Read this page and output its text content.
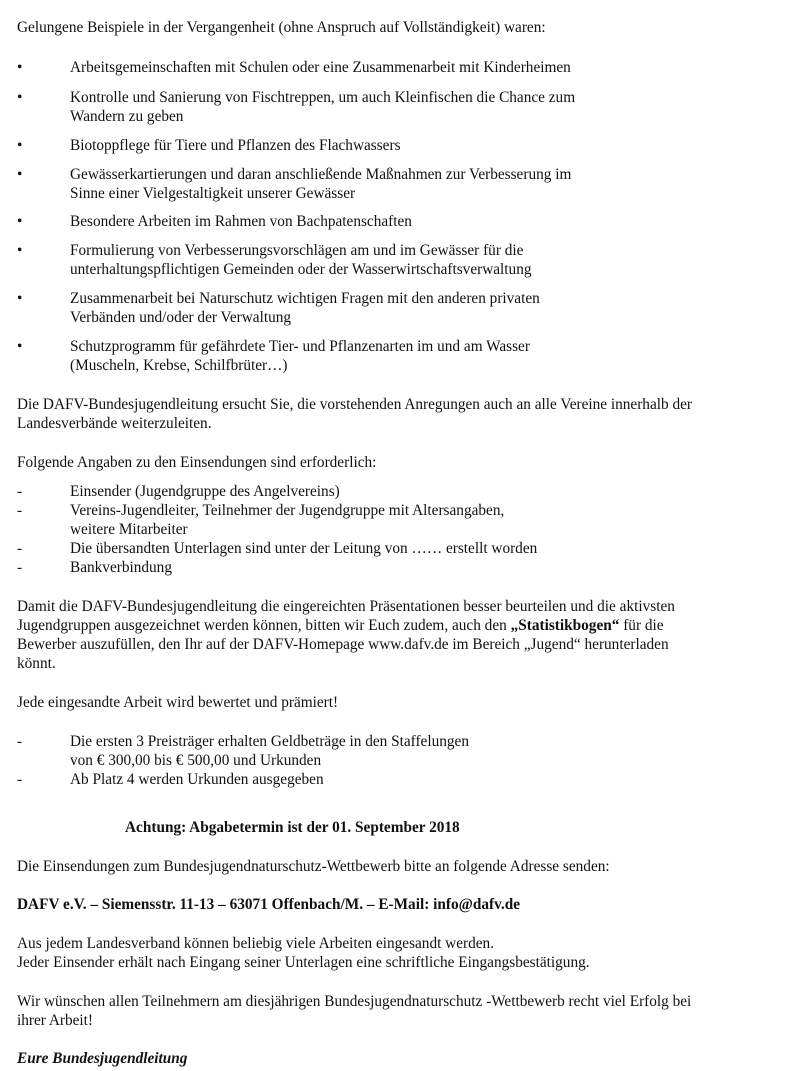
Gelungene Beispiele in der Vergangenheit (ohne Anspruch auf Vollständigkeit) waren:
•	Arbeitsgemeinschaften mit Schulen oder eine Zusammenarbeit mit Kinderheimen
•	Kontrolle und Sanierung von Fischtreppen, um auch Kleinfischen die Chance zum
Wandern zu geben
•	Biotoppflege für Tiere und Pflanzen des Flachwassers
•	Gewässerkartierungen und daran anschließende Maßnahmen zur Verbesserung im
Sinne einer Vielgestaltigkeit unserer Gewässer
•	Besondere Arbeiten im Rahmen von Bachpatenschaften
•	Formulierung von Verbesserungsvorschlägen am und im Gewässer für die
unterhaltungspflichtigen Gemeinden oder der Wasserwirtschaftsverwaltung
•	Zusammenarbeit bei Naturschutz wichtigen Fragen mit den anderen privaten
Verbänden und/oder der Verwaltung
•	Schutzprogramm für gefährdete Tier- und Pflanzenarten im und am Wasser
(Muscheln, Krebse, Schilfbrüter…)
Die DAFV-Bundesjugendleitung ersucht Sie, die vorstehenden Anregungen auch an alle Vereine innerhalb der
Landesverbände weiterzuleiten.
Folgende Angaben zu den Einsendungen sind erforderlich:
-	Einsender (Jugendgruppe des Angelvereins)
-	Vereins-Jugendleiter, Teilnehmer der Jugendgruppe mit Altersangaben,
weitere Mitarbeiter
-	Die übersandten Unterlagen sind unter der Leitung von …… erstellt worden
-	Bankverbindung
Damit die DAFV-Bundesjugendleitung die eingereichten Präsentationen besser beurteilen und die aktivsten
Jugendgruppen ausgezeichnet werden können, bitten wir Euch zudem, auch den „Statistikbogen“ für die
Bewerber auszufüllen, den Ihr auf der DAFV-Homepage www.dafv.de im Bereich „Jugend“ herunterladen
könnt.
Jede eingesandte Arbeit wird bewertet und prämiert!
-	Die ersten 3 Preisträger erhalten Geldbeträge in den Staffelungen
von € 300,00 bis € 500,00 und Urkunden
-	Ab Platz 4 werden Urkunden ausgegeben
Achtung: Abgabetermin ist der 01. September 2018
Die Einsendungen zum Bundesjugendnaturschutz-Wettbewerb bitte an folgende Adresse senden:
DAFV e.V. – Siemensstr. 11-13 – 63071 Offenbach/M. – E-Mail: info@dafv.de
Aus jedem Landesverband können beliebig viele Arbeiten eingesandt werden.
Jeder Einsender erhält nach Eingang seiner Unterlagen eine schriftliche Eingangsbestätigung.
Wir wünschen allen Teilnehmern am diesjährigen Bundesjugendnaturschutz -Wettbewerb recht viel Erfolg bei
ihrer Arbeit!
Eure Bundesjugendleitung
